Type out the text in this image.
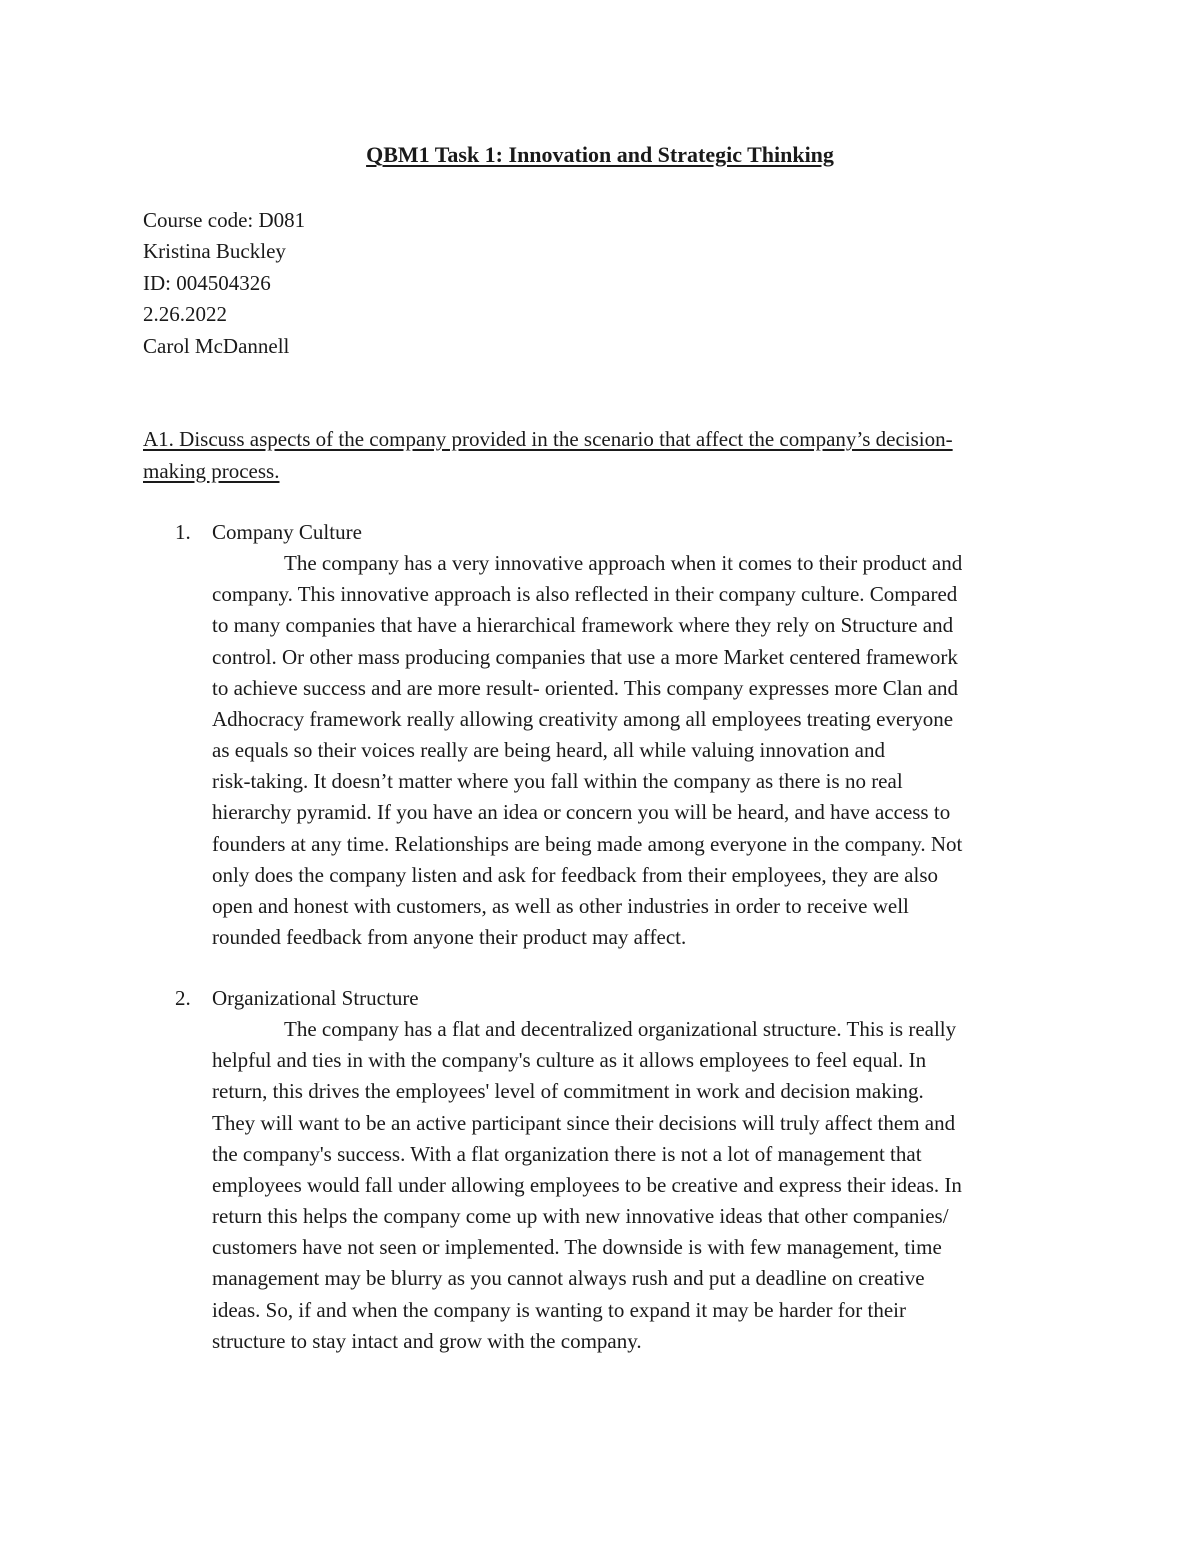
QBM1 Task 1: Innovation and Strategic Thinking
Course code: D081
Kristina Buckley
ID: 004504326
2.26.2022
Carol McDannell
A1. Discuss aspects of the company provided in the scenario that affect the company’s decision-
making process.
1. Company Culture
The company has a very innovative approach when it comes to their product and
company. This innovative approach is also reflected in their company culture. Compared
to many companies that have a hierarchical framework where they rely on Structure and
control. Or other mass producing companies that use a more Market centered framework
to achieve success and are more result- oriented. This company expresses more Clan and
Adhocracy framework really allowing creativity among all employees treating everyone
as equals so their voices really are being heard, all while valuing innovation and
risk-taking. It doesn’t matter where you fall within the company as there is no real
hierarchy pyramid. If you have an idea or concern you will be heard, and have access to
founders at any time. Relationships are being made among everyone in the company. Not
only does the company listen and ask for feedback from their employees, they are also
open and honest with customers, as well as other industries in order to receive well
rounded feedback from anyone their product may affect.
2. Organizational Structure
The company has a flat and decentralized organizational structure. This is really
helpful and ties in with the company's culture as it allows employees to feel equal. In
return, this drives the employees' level of commitment in work and decision making.
They will want to be an active participant since their decisions will truly affect them and
the company's success. With a flat organization there is not a lot of management that
employees would fall under allowing employees to be creative and express their ideas. In
return this helps the company come up with new innovative ideas that other companies/
customers have not seen or implemented. The downside is with few management, time
management may be blurry as you cannot always rush and put a deadline on creative
ideas. So, if and when the company is wanting to expand it may be harder for their
structure to stay intact and grow with the company.
